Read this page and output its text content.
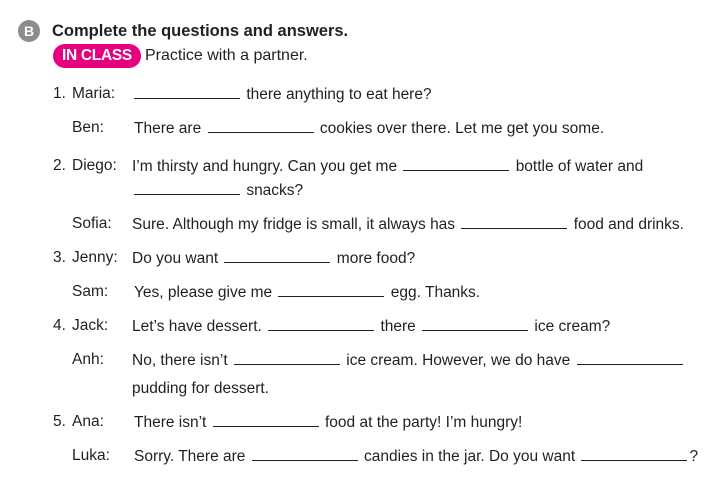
B	Complete the questions and answers.
IN CLASS Practice with a partner.
1. Maria:	there anything to eat here?
Ben: There are	cookies over there. Let me get you some.
2. Diego: I’m thirsty and hungry. Can you get me	bottle of water and
snacks?
Sofia: Sure. Although my fridge is small, it always has	food and drinks.
3. Jenny: Do you want	more food?
Sam: Yes, please give me	egg. Thanks.
4. Jack: Let’s have dessert.	there	ice cream?
Anh: No, there isn’t	ice cream. However, we do have
pudding for dessert.
5. Ana: There isn’t	food at the party! I’m hungry!
Luka: Sorry. There are	candies in the jar. Do you want	?
